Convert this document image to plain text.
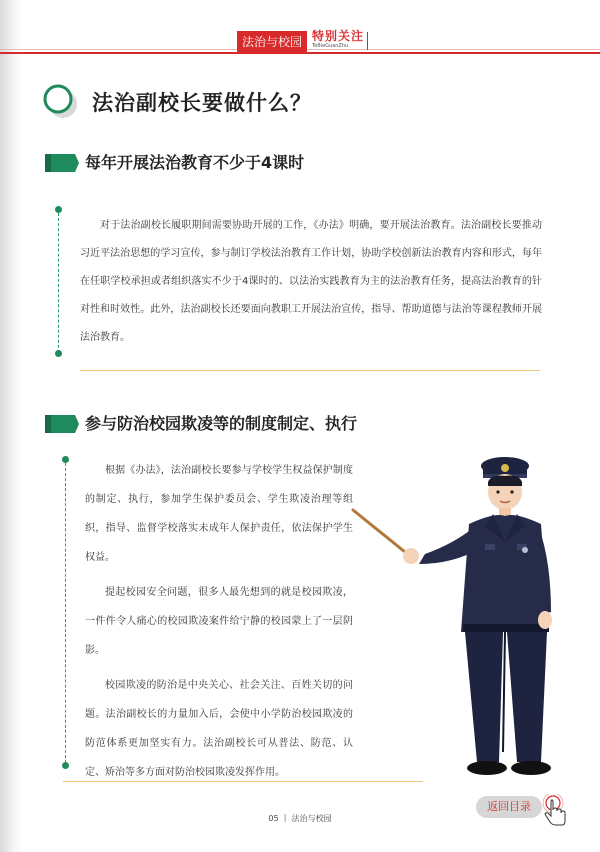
法治与校园 特别关注
TeBieGuanZhu
法治副校长要做什么？
每年开展法治教育不少于4课时

对于法治副校长履职期间需要协助开展的工作，《办法》明确，要开展法治教育。法治副校长要推动习近平法治思想的学习宣传，参与制订学校法治教育工作计划，协助学校创新法治教育内容和形式，每年在任职学校承担或者组织落实不少于4课时的、以法治实践教育为主的法治教育任务，提高法治教育的针对性和时效性。此外，法治副校长还要面向教职工开展法治宣传，指导、帮助道德与法治等课程教师开展法治教育。

参与防治校园欺凌等的制度制定、执行

根据《办法》，法治副校长要参与学校学生权益保护制度的制定、执行，参加学生保护委员会、学生欺凌治理等组织，指导、监督学校落实未成年人保护责任，依法保护学生权益。

提起校园安全问题，很多人最先想到的就是校园欺凌，一件件令人痛心的校园欺凌案件给宁静的校园蒙上了一层阴影。

校园欺凌的防治是中央关心、社会关注、百姓关切的问题。法治副校长的力量加入后，会使中小学防治校园欺凌的防范体系更加坚实有力。法治副校长可从普法、防范、认定、矫治等多方面对防治校园欺凌发挥作用。

05 丨 法治与校园
返回目录
